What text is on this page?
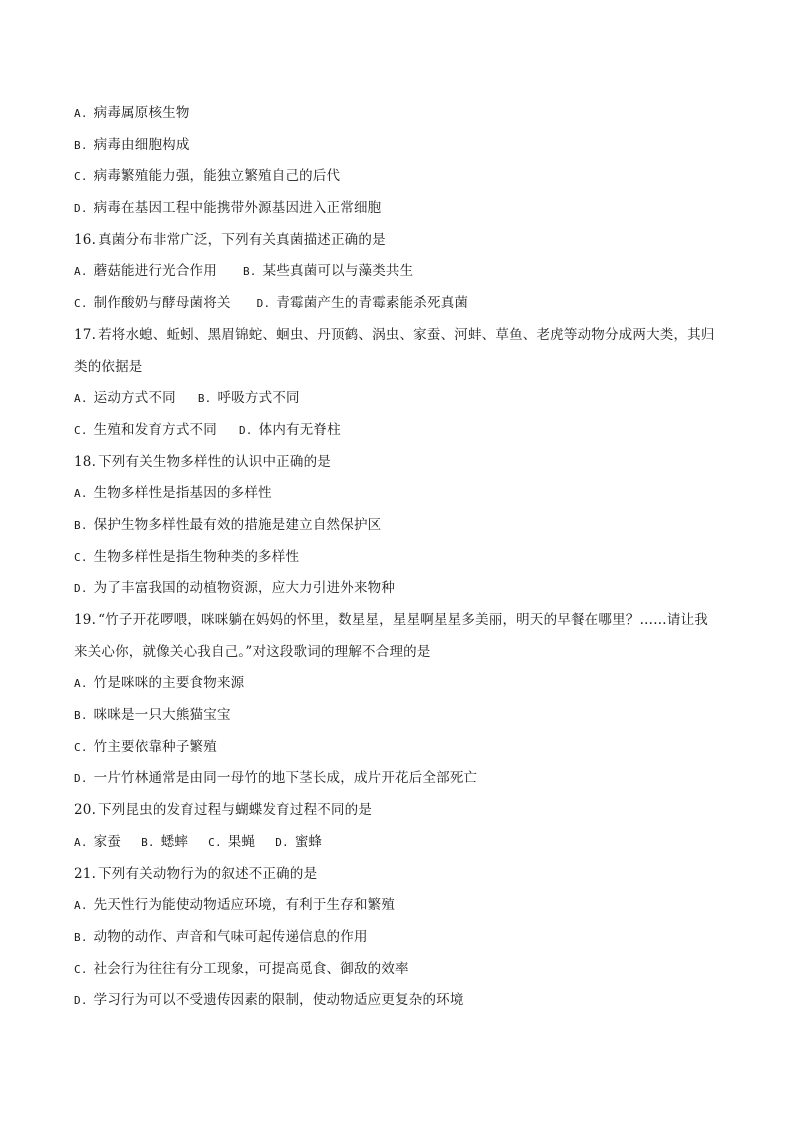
A. 病毒属原核生物
B. 病毒由细胞构成
C. 病毒繁殖能力强，能独立繁殖自己的后代
D. 病毒在基因工程中能携带外源基因进入正常细胞
16. 真菌分布非常广泛，下列有关真菌描述正确的是
A. 蘑菇能进行光合作用 B. 某些真菌可以与藻类共生
C. 制作酸奶与酵母菌将关 D. 青霉菌产生的青霉素能杀死真菌
17. 若将水螅、蚯蚓、黑眉锦蛇、蛔虫、丹顶鹤、涡虫、家蚕、河蚌、草鱼、老虎等动物分成两大类，其归
类的依据是
A. 运动方式不同 B. 呼吸方式不同
C. 生殖和发育方式不同 D. 体内有无脊柱
18. 下列有关生物多样性的认识中正确的是
A. 生物多样性是指基因的多样性
B. 保护生物多样性最有效的措施是建立自然保护区
C. 生物多样性是指生物种类的多样性
D. 为了丰富我国的动植物资源，应大力引进外来物种
19. “竹子开花啰喂，咪咪躺在妈妈的怀里，数星星，星星啊星星多美丽，明天的早餐在哪里？……请让我
来关心你，就像关心我自己。”对这段歌词的理解不合理的是
A. 竹是咪咪的主要食物来源
B. 咪咪是一只大熊猫宝宝
C. 竹主要依靠种子繁殖
D. 一片竹林通常是由同一母竹的地下茎长成，成片开花后全部死亡
20. 下列昆虫的发育过程与蝴蝶发育过程不同的是
A. 家蚕 B. 蟋蟀 C. 果蝇 D. 蜜蜂
21. 下列有关动物行为的叙述不正确的是
A. 先天性行为能使动物适应环境，有利于生存和繁殖
B. 动物的动作、声音和气味可起传递信息的作用
C. 社会行为往往有分工现象，可提高觅食、御敌的效率
D. 学习行为可以不受遗传因素的限制，使动物适应更复杂的环境
